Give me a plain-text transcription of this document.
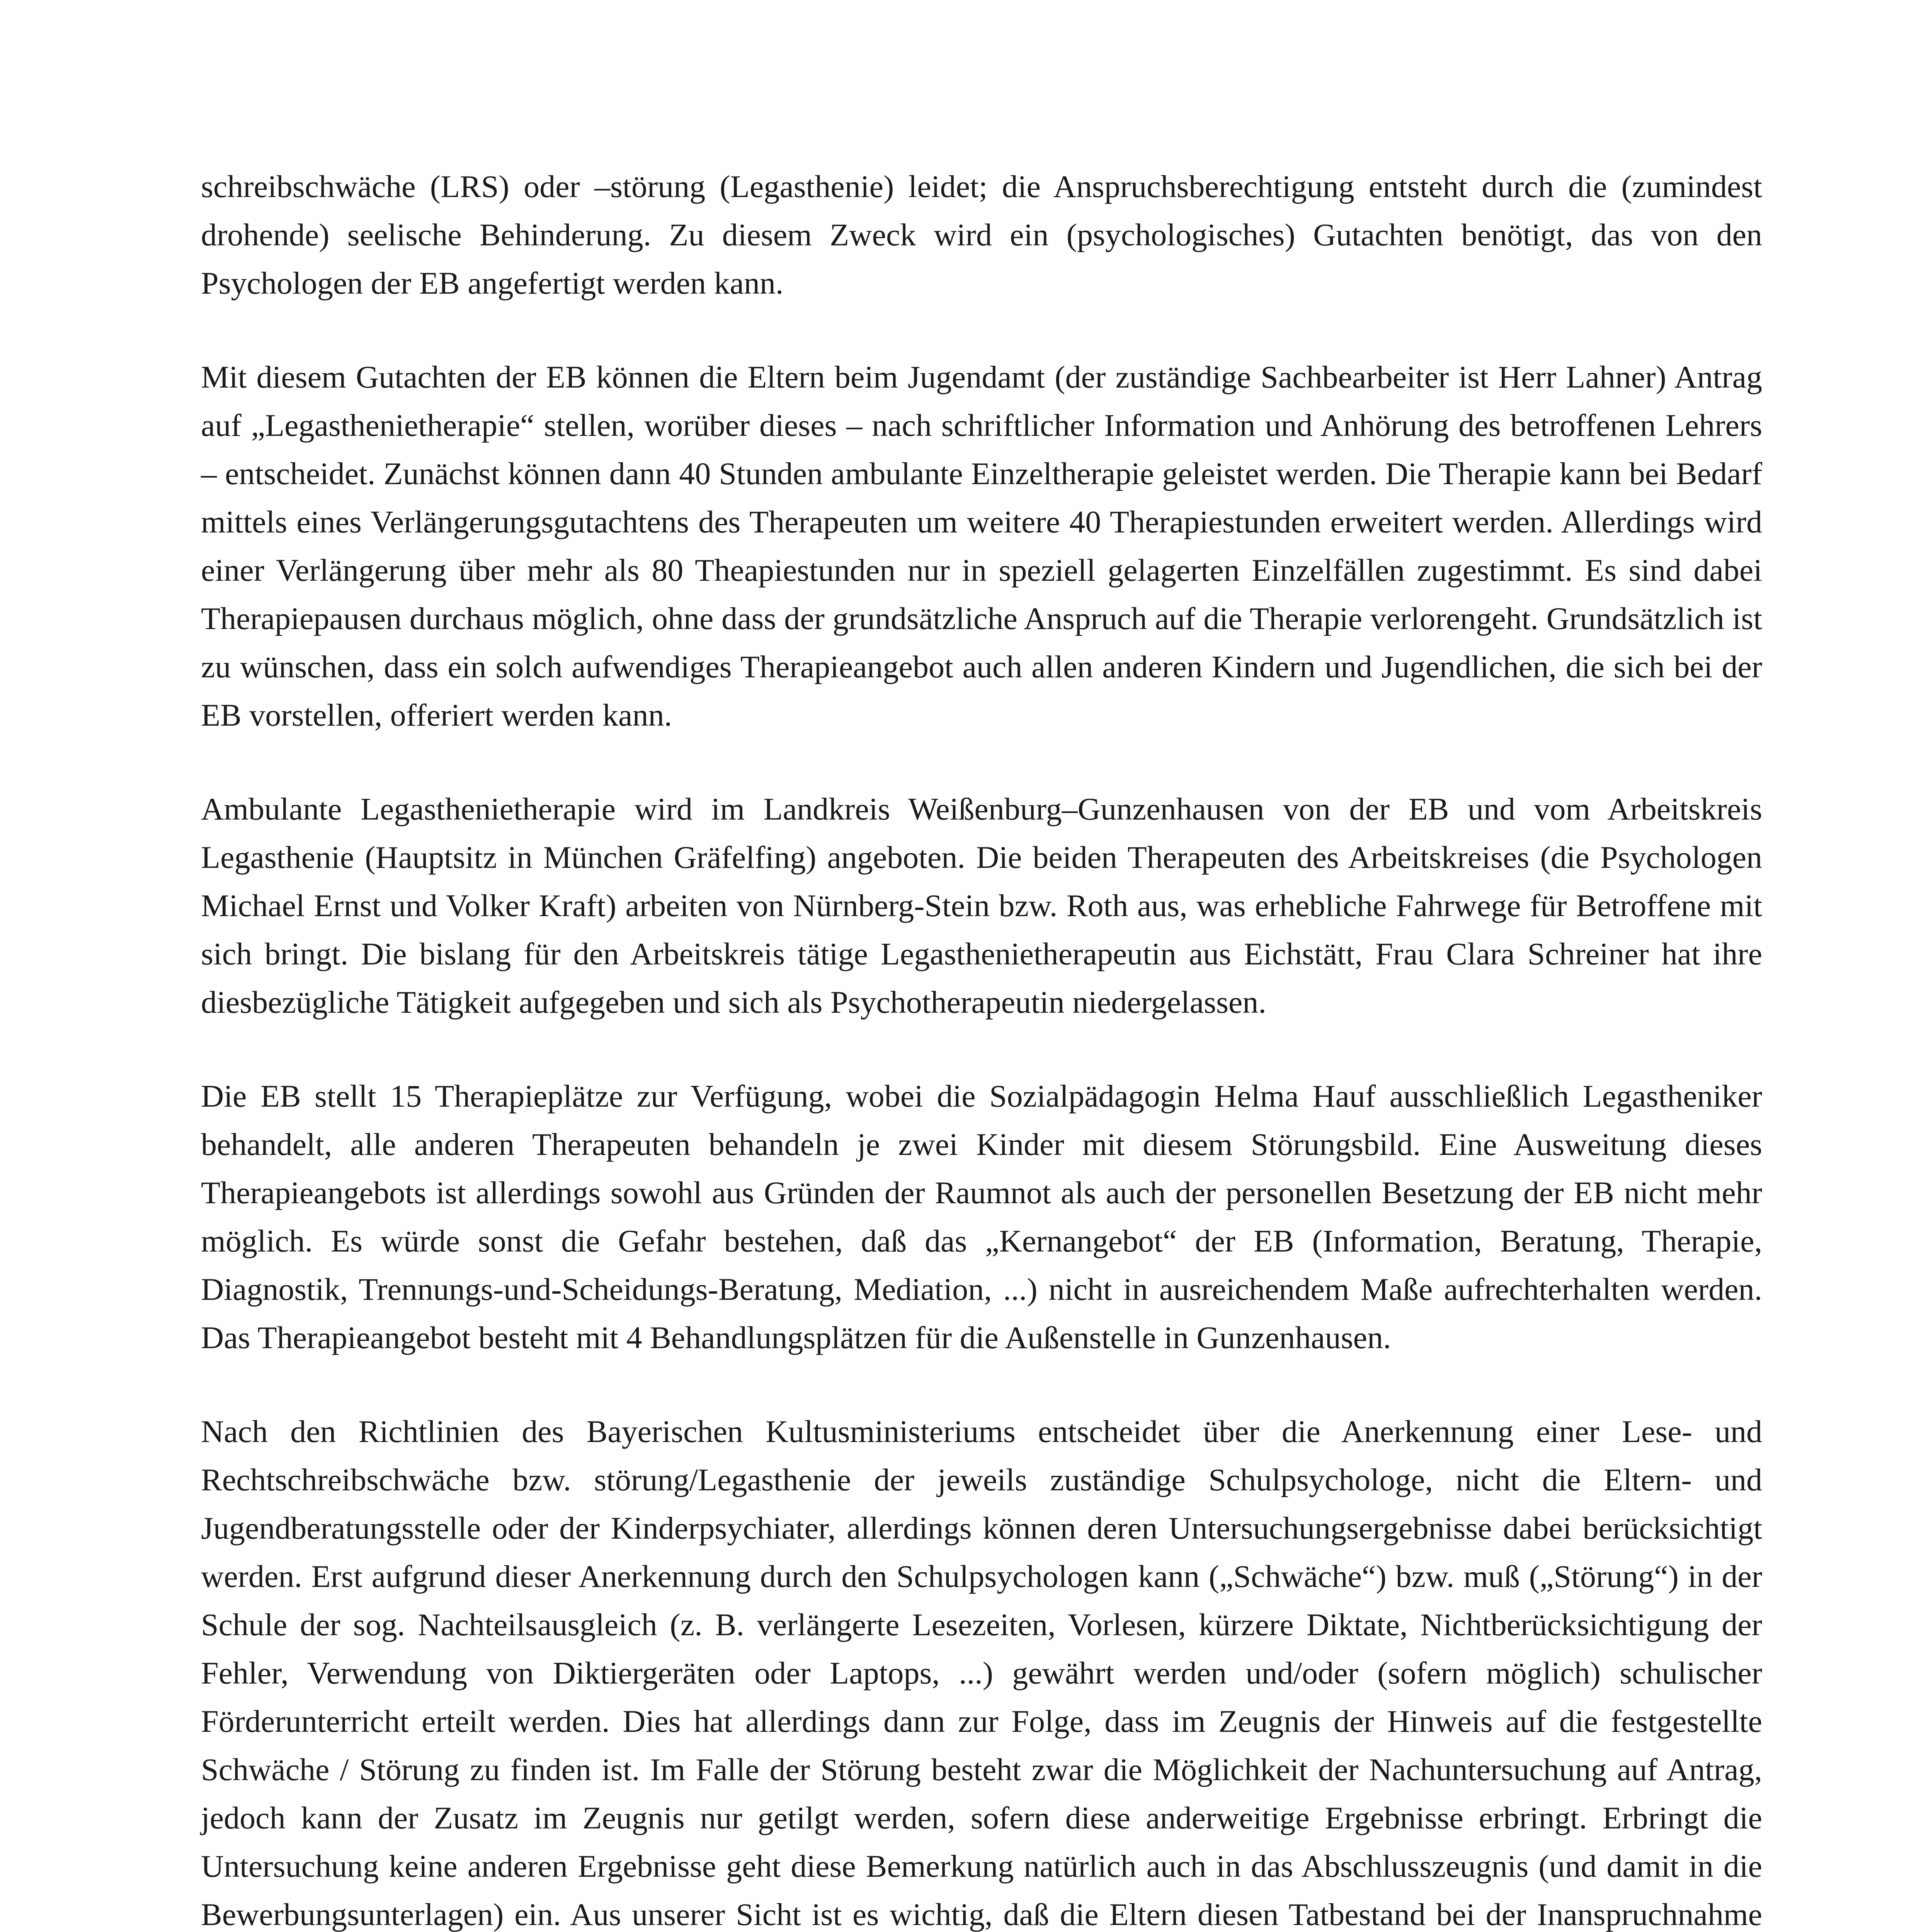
schreibschwäche (LRS) oder –störung (Legasthenie) leidet; die Anspruchsberechtigung entsteht durch die (zumindest drohende) seelische Behinderung. Zu diesem Zweck wird ein (psychologisches) Gutachten benötigt, das von den Psychologen der EB angefertigt werden kann.

Mit diesem Gutachten der EB können die Eltern beim Jugendamt (der zuständige Sachbearbeiter ist Herr Lahner) Antrag auf „Legasthenietherapie“ stellen, worüber dieses – nach schriftlicher Information und Anhörung des betroffenen Lehrers – entscheidet. Zunächst können dann 40 Stunden ambulante Einzeltherapie geleistet werden. Die Therapie kann bei Bedarf mittels eines Verlängerungsgutachtens des Therapeuten um weitere 40 Therapiestunden erweitert werden. Allerdings wird einer Verlängerung über mehr als 80 Theapiestunden nur in speziell gelagerten Einzelfällen zugestimmt. Es sind dabei Therapiepausen durchaus möglich, ohne dass der grundsätzliche Anspruch auf die Therapie verlorengeht. Grundsätzlich ist zu wünschen, dass ein solch aufwendiges Therapieangebot auch allen anderen Kindern und Jugendlichen, die sich bei der EB vorstellen, offeriert werden kann.

Ambulante Legasthenietherapie wird im Landkreis Weißenburg–Gunzenhausen von der EB und vom Arbeitskreis Legasthenie (Hauptsitz in München Gräfelfing) angeboten. Die beiden Therapeuten des Arbeitskreises (die Psychologen Michael Ernst und Volker Kraft) arbeiten von Nürnberg-Stein bzw. Roth aus, was erhebliche Fahrwege für Betroffene mit sich bringt. Die bislang für den Arbeitskreis tätige Legasthenietherapeutin aus Eichstätt, Frau Clara Schreiner hat ihre diesbezügliche Tätigkeit aufgegeben und sich als Psychotherapeutin niedergelassen.

Die EB stellt 15 Therapieplätze zur Verfügung, wobei die Sozialpädagogin Helma Hauf ausschließlich Legastheniker behandelt, alle anderen Therapeuten behandeln je zwei Kinder mit diesem Störungsbild. Eine Ausweitung dieses Therapieangebots ist allerdings sowohl aus Gründen der Raumnot als auch der personellen Besetzung der EB nicht mehr möglich. Es würde sonst die Gefahr bestehen, daß das „Kernangebot“ der EB (Information, Beratung, Therapie, Diagnostik, Trennungs-und-Scheidungs-Beratung, Mediation, ...) nicht in ausreichendem Maße aufrechterhalten werden. Das Therapieangebot besteht mit 4 Behandlungsplätzen für die Außenstelle in Gunzenhausen.

Nach den Richtlinien des Bayerischen Kultusministeriums entscheidet über die Anerkennung einer Lese- und Rechtschreibschwäche bzw. störung/Legasthenie der jeweils zuständige Schulpsychologe, nicht die Eltern- und Jugendberatungsstelle oder der Kinderpsychiater, allerdings können deren Untersuchungsergebnisse dabei berücksichtigt werden. Erst aufgrund dieser Anerkennung durch den Schulpsychologen kann („Schwäche“) bzw. muß („Störung“) in der Schule der sog. Nachteilsausgleich (z. B. verlängerte Lesezeiten, Vorlesen, kürzere Diktate, Nichtberücksichtigung der Fehler, Verwendung von Diktiergeräten oder Laptops, ...) gewährt werden und/oder (sofern möglich) schulischer Förderunterricht erteilt werden. Dies hat allerdings dann zur Folge, dass im Zeugnis der Hinweis auf die festgestellte Schwäche / Störung zu finden ist. Im Falle der Störung besteht zwar die Möglichkeit der Nachuntersuchung auf Antrag, jedoch kann der Zusatz im Zeugnis nur getilgt werden, sofern diese anderweitige Ergebnisse erbringt. Erbringt die Untersuchung keine anderen Ergebnisse geht diese Bemerkung natürlich auch in das Abschlusszeugnis (und damit in die Bewerbungsunterlagen) ein. Aus unserer Sicht ist es wichtig, daß die Eltern diesen Tatbestand bei der Inanspruchnahme
